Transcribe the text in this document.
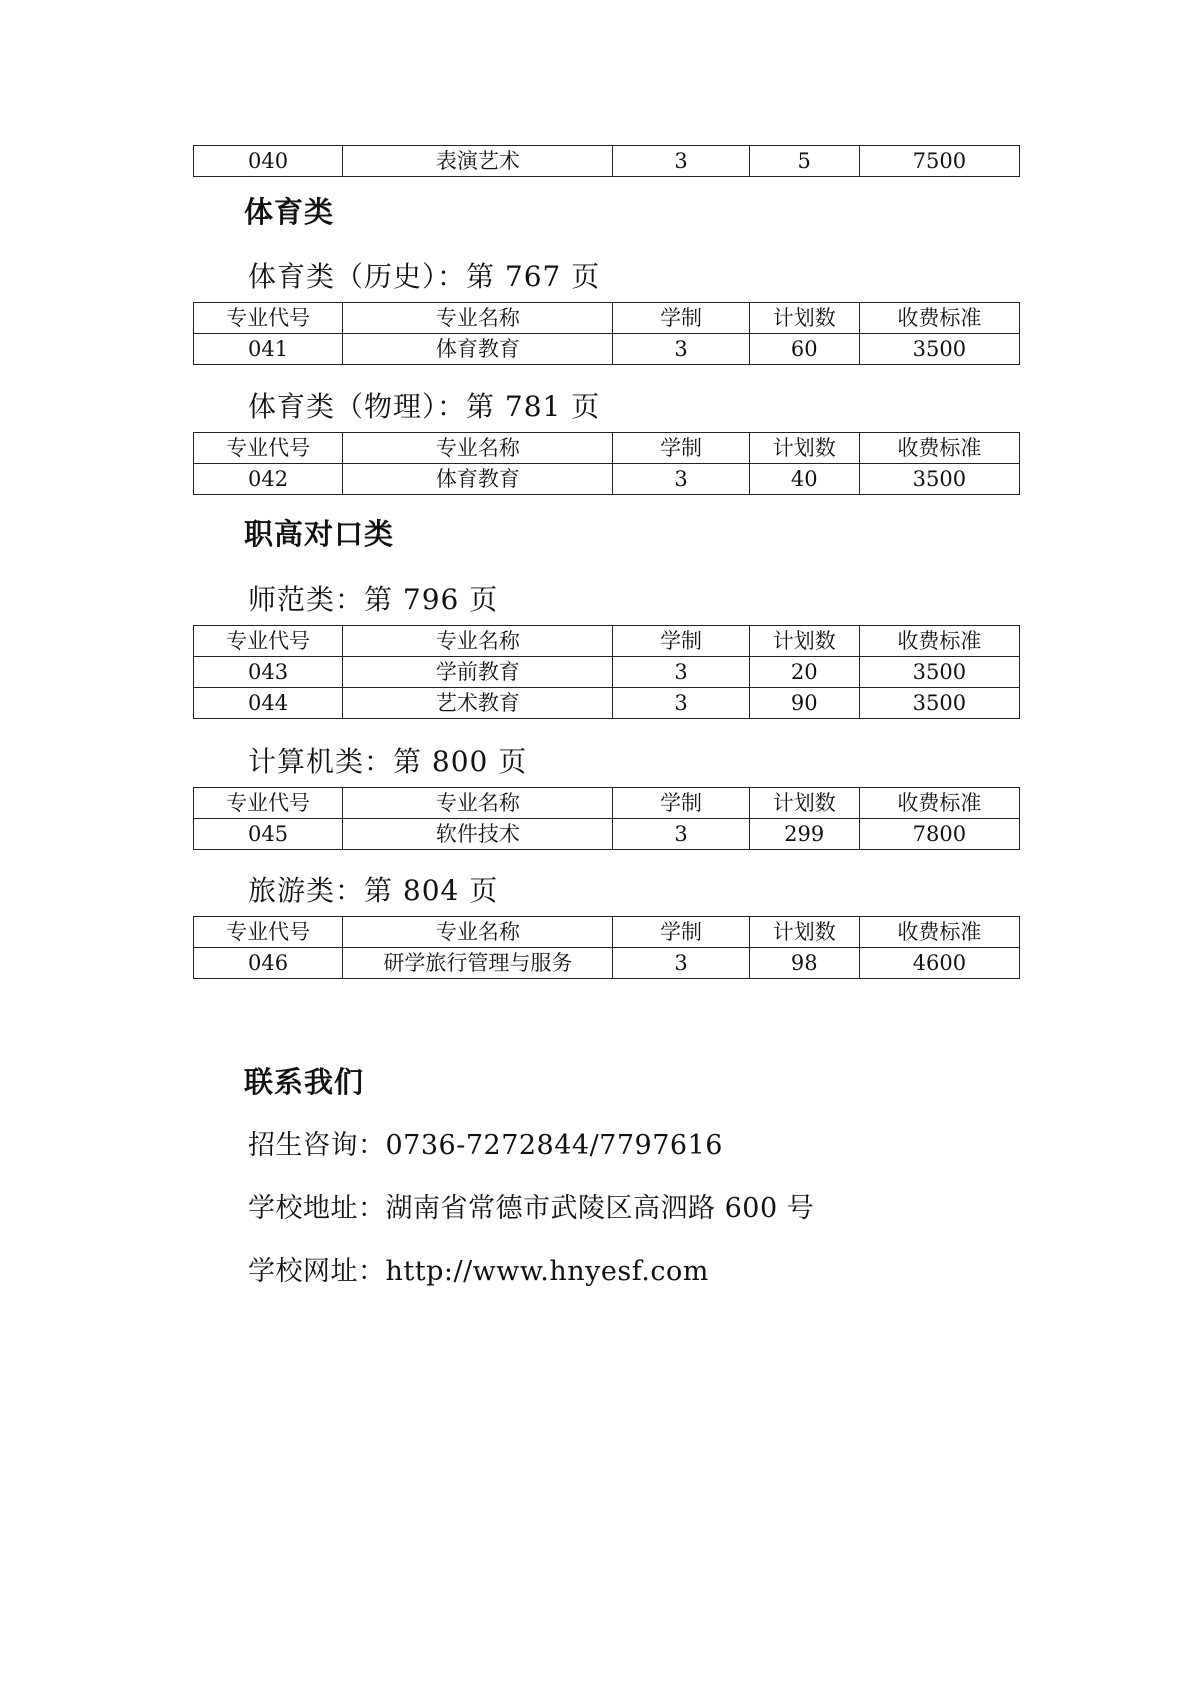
040	表演艺术	3	5	7500
体育类
体育类（历史）：第 767 页
专业代号	专业名称	学制	计划数	收费标准
041	体育教育	3	60	3500
体育类（物理）：第 781 页
专业代号	专业名称	学制	计划数	收费标准
042	体育教育	3	40	3500
职高对口类
师范类：第 796 页
专业代号	专业名称	学制	计划数	收费标准
043	学前教育	3	20	3500
044	艺术教育	3	90	3500
计算机类：第 800 页
专业代号	专业名称	学制	计划数	收费标准
045	软件技术	3	299	7800
旅游类：第 804 页
专业代号	专业名称	学制	计划数	收费标准
046	研学旅行管理与服务	3	98	4600
联系我们
招生咨询：0736-7272844/7797616
学校地址：湖南省常德市武陵区高泗路 600 号
学校网址：http://www.hnyesf.com
